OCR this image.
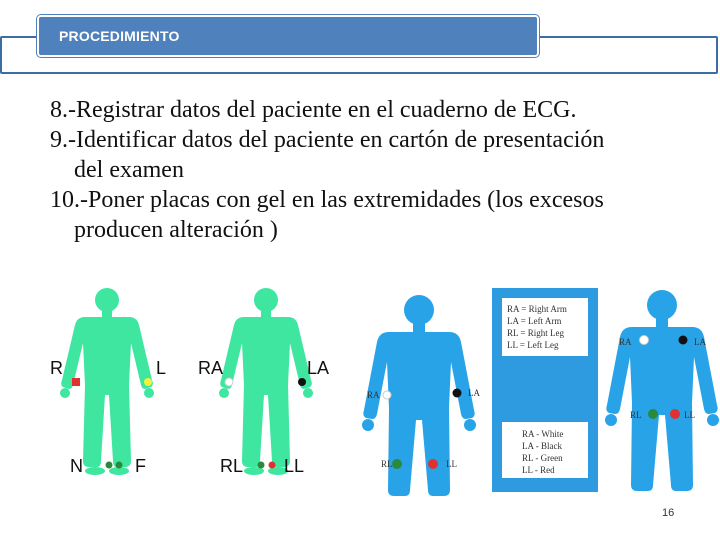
PROCEDIMIENTO

8.-Registrar datos del paciente en el cuaderno de ECG.

9.-Identificar datos del paciente en cartón de presentación
del examen

10.-Poner placas con gel en las extremidades (los excesos
producen alteración )

R	L
N	F
RA	LA
RL LL
RA	LA
RL	LL
RA = Right Arm
LA = Left Arm
RL = Right Leg
LL = Left Leg
RA - White
LA - Black
RL - Green
LL - Red
RA	LA
RL	LL
16
